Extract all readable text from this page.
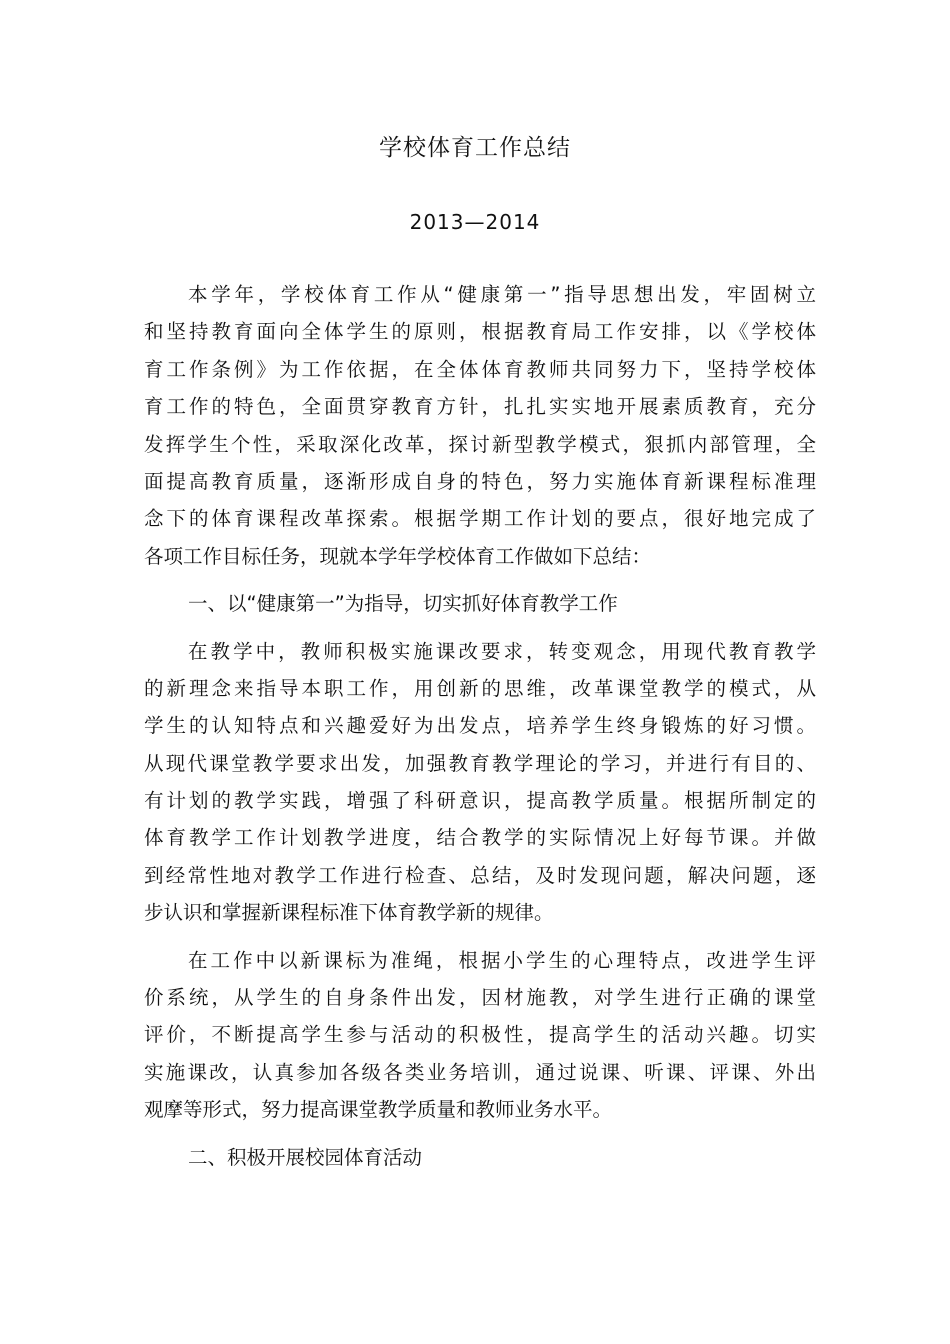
学校体育工作总结
2013—2014
本学年，学校体育工作从“健康第一”指导思想出发，牢固树立
和坚持教育面向全体学生的原则，根据教育局工作安排，以《学校体
育工作条例》为工作依据，在全体体育教师共同努力下，坚持学校体
育工作的特色，全面贯穿教育方针，扎扎实实地开展素质教育，充分
发挥学生个性，采取深化改革，探讨新型教学模式，狠抓内部管理，全
面提高教育质量，逐渐形成自身的特色，努力实施体育新课程标准理
念下的体育课程改革探索。根据学期工作计划的要点，很好地完成了
各项工作目标任务，现就本学年学校体育工作做如下总结：
一、以“健康第一”为指导，切实抓好体育教学工作
在教学中，教师积极实施课改要求，转变观念，用现代教育教学
的新理念来指导本职工作，用创新的思维，改革课堂教学的模式，从
学生的认知特点和兴趣爱好为出发点，培养学生终身锻炼的好习惯。
从现代课堂教学要求出发，加强教育教学理论的学习，并进行有目的、
有计划的教学实践，增强了科研意识，提高教学质量。根据所制定的
体育教学工作计划教学进度，结合教学的实际情况上好每节课。并做
到经常性地对教学工作进行检查、总结，及时发现问题，解决问题，逐
步认识和掌握新课程标准下体育教学新的规律。
在工作中以新课标为准绳，根据小学生的心理特点，改进学生评
价系统，从学生的自身条件出发，因材施教，对学生进行正确的课堂
评价，不断提高学生参与活动的积极性，提高学生的活动兴趣。切实
实施课改，认真参加各级各类业务培训，通过说课、听课、评课、外出
观摩等形式，努力提高课堂教学质量和教师业务水平。
二、积极开展校园体育活动
